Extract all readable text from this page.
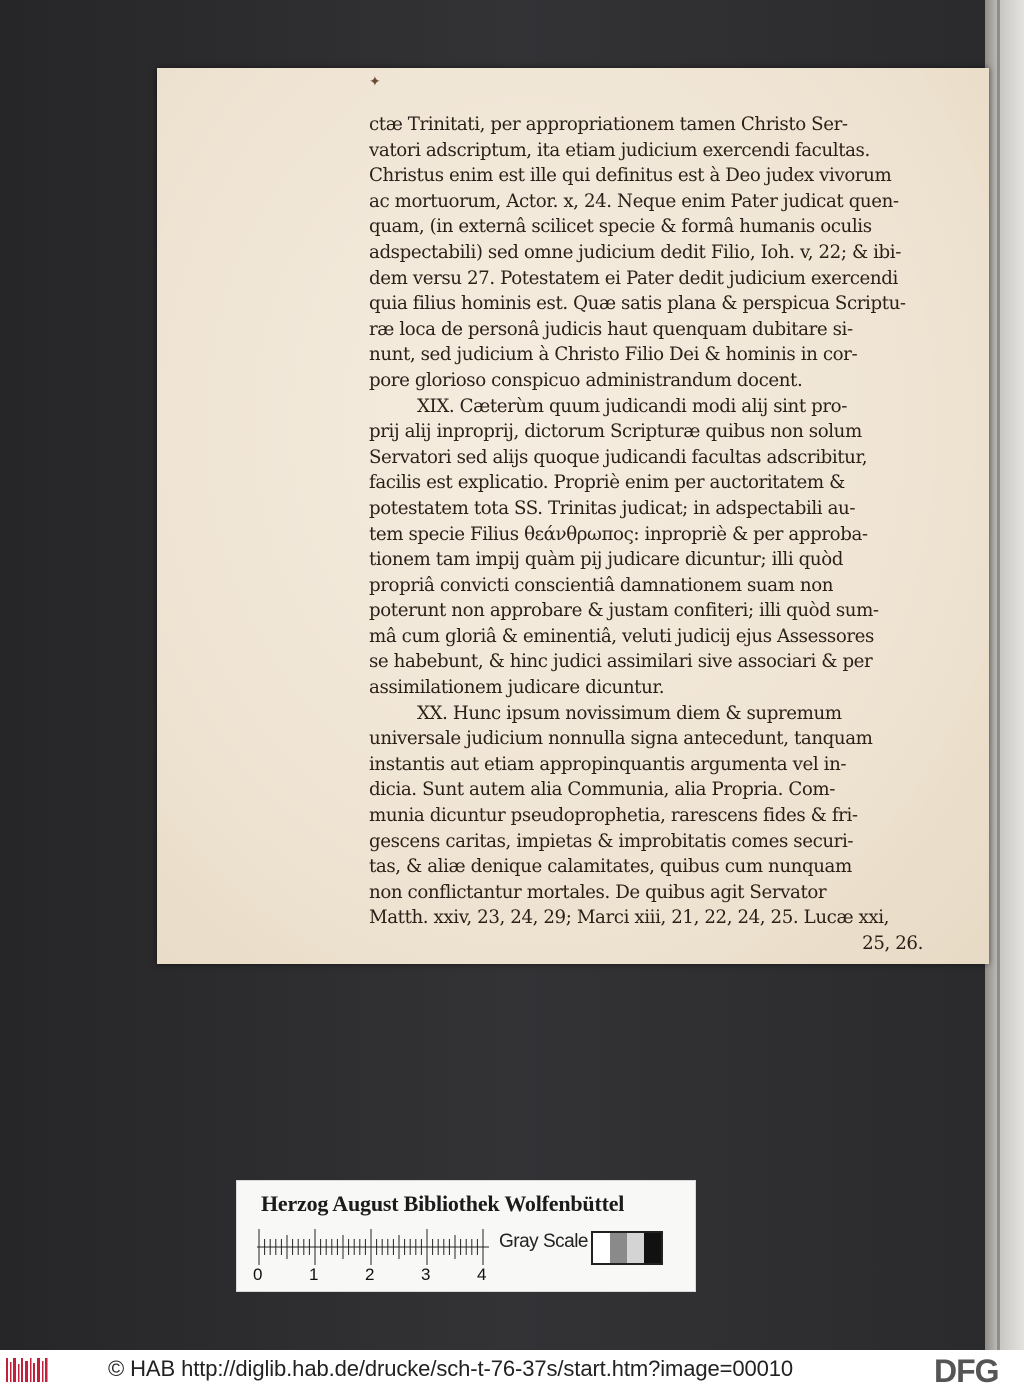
✦
ctæ Trinitati, per appropriationem tamen Christo Ser-
vatori adscriptum, ita etiam judicium exercendi facultas.
Christus enim est ille qui definitus est à Deo judex vivorum
ac mortuorum, Actor. x, 24. Neque enim Pater judicat quen-
quam, (in externâ scilicet specie & formâ humanis oculis
adspectabili) sed omne judicium dedit Filio, Ioh. v, 22; & ibi-
dem versu 27. Potestatem ei Pater dedit judicium exercendi
quia filius hominis est. Quæ satis plana & perspicua Scriptu-
ræ loca de personâ judicis haut quenquam dubitare si-
nunt, sed judicium à Christo Filio Dei & hominis in cor-
pore glorioso conspicuo administrandum docent.
XIX. Cæterùm quum judicandi modi alij sint pro-
prij alij inproprij, dictorum Scripturæ quibus non solum
Servatori sed alijs quoque judicandi facultas adscribitur,
facilis est explicatio. Propriè enim per auctoritatem &
potestatem tota SS. Trinitas judicat; in adspectabili au-
tem specie Filius θεάνθρωπος: inpropriè & per approba-
tionem tam impij quàm pij judicare dicuntur; illi quòd
propriâ convicti conscientiâ damnationem suam non
poterunt non approbare & justam confiteri; illi quòd sum-
mâ cum gloriâ & eminentiâ, veluti judicij ejus Assessores
se habebunt, & hinc judici assimilari sive associari & per
assimilationem judicare dicuntur.
XX. Hunc ipsum novissimum diem & supremum
universale judicium nonnulla signa antecedunt, tanquam
instantis aut etiam appropinquantis argumenta vel in-
dicia. Sunt autem alia Communia, alia Propria. Com-
munia dicuntur pseudoprophetia, rarescens fides & fri-
gescens caritas, impietas & improbitatis comes securi-
tas, & aliæ denique calamitates, quibus cum nunquam
non conflictantur mortales. De quibus agit Servator
Matth. xxiv, 23, 24, 29; Marci xiii, 21, 22, 24, 25. Lucæ xxi,
25, 26.
Herzog August Bibliothek Wolfenbüttel
0	1	2	3	4
Gray Scale
© HAB http://diglib.hab.de/drucke/sch-t-76-37s/start.htm?image=00010	DFG
